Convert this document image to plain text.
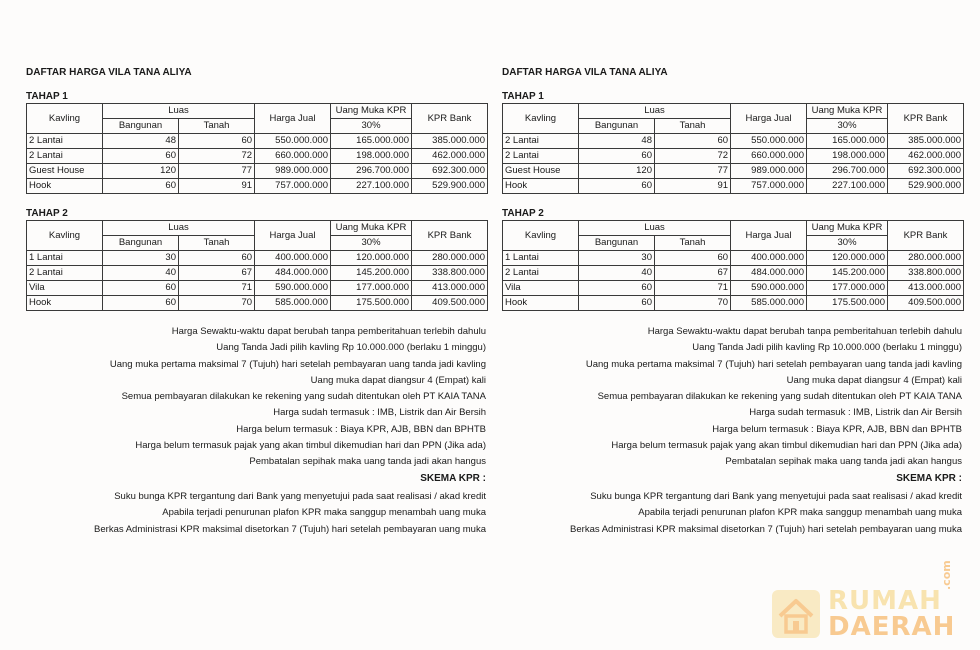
DAFTAR HARGA VILA TANA ALIYA
TAHAP 1
Kavling	Luas		Harga Jual	Uang Muka KPR	KPR Bank
	Bangunan	Tanah		30%	
2 Lantai	48	60	550.000.000	165.000.000	385.000.000
2 Lantai	60	72	660.000.000	198.000.000	462.000.000
Guest House	120	77	989.000.000	296.700.000	692.300.000
Hook	60	91	757.000.000	227.100.000	529.900.000
TAHAP 2
Kavling	Luas		Harga Jual	Uang Muka KPR	KPR Bank
	Bangunan	Tanah		30%	
1 Lantai	30	60	400.000.000	120.000.000	280.000.000
2 Lantai	40	67	484.000.000	145.200.000	338.800.000
Vila	60	71	590.000.000	177.000.000	413.000.000
Hook	60	70	585.000.000	175.500.000	409.500.000
Harga Sewaktu-waktu dapat berubah tanpa pemberitahuan terlebih dahulu
Uang Tanda Jadi pilih kavling Rp 10.000.000 (berlaku 1 minggu)
Uang muka pertama maksimal 7 (Tujuh) hari setelah pembayaran uang tanda jadi kavling
Uang muka dapat diangsur 4 (Empat) kali
Semua pembayaran dilakukan ke rekening yang sudah ditentukan oleh PT KAIA TANA
Harga sudah termasuk : IMB, Listrik dan Air Bersih
Harga belum termasuk : Biaya KPR, AJB, BBN dan BPHTB
Harga belum termasuk pajak yang akan timbul dikemudian hari dan PPN (Jika ada)
Pembatalan sepihak maka uang tanda jadi akan hangus
SKEMA KPR :
Suku bunga KPR tergantung dari Bank yang menyetujui pada saat realisasi / akad kredit
Apabila terjadi penurunan plafon KPR maka sanggup menambah uang muka
Berkas Administrasi KPR maksimal disetorkan 7 (Tujuh) hari setelah pembayaran uang muka
DAFTAR HARGA VILA TANA ALIYA
TAHAP 1
Kavling	Luas		Harga Jual	Uang Muka KPR	KPR Bank
	Bangunan	Tanah		30%	
2 Lantai	48	60	550.000.000	165.000.000	385.000.000
2 Lantai	60	72	660.000.000	198.000.000	462.000.000
Guest House	120	77	989.000.000	296.700.000	692.300.000
Hook	60	91	757.000.000	227.100.000	529.900.000
TAHAP 2
Kavling	Luas		Harga Jual	Uang Muka KPR	KPR Bank
	Bangunan	Tanah		30%	
1 Lantai	30	60	400.000.000	120.000.000	280.000.000
2 Lantai	40	67	484.000.000	145.200.000	338.800.000
Vila	60	71	590.000.000	177.000.000	413.000.000
Hook	60	70	585.000.000	175.500.000	409.500.000
Harga Sewaktu-waktu dapat berubah tanpa pemberitahuan terlebih dahulu
Uang Tanda Jadi pilih kavling Rp 10.000.000 (berlaku 1 minggu)
Uang muka pertama maksimal 7 (Tujuh) hari setelah pembayaran uang tanda jadi kavling
Uang muka dapat diangsur 4 (Empat) kali
Semua pembayaran dilakukan ke rekening yang sudah ditentukan oleh PT KAIA TANA
Harga sudah termasuk : IMB, Listrik dan Air Bersih
Harga belum termasuk : Biaya KPR, AJB, BBN dan BPHTB
Harga belum termasuk pajak yang akan timbul dikemudian hari dan PPN (Jika ada)
Pembatalan sepihak maka uang tanda jadi akan hangus
SKEMA KPR :
Suku bunga KPR tergantung dari Bank yang menyetujui pada saat realisasi / akad kredit
Apabila terjadi penurunan plafon KPR maka sanggup menambah uang muka
Berkas Administrasi KPR maksimal disetorkan 7 (Tujuh) hari setelah pembayaran uang muka
RUMAH
DAERAH
.com
